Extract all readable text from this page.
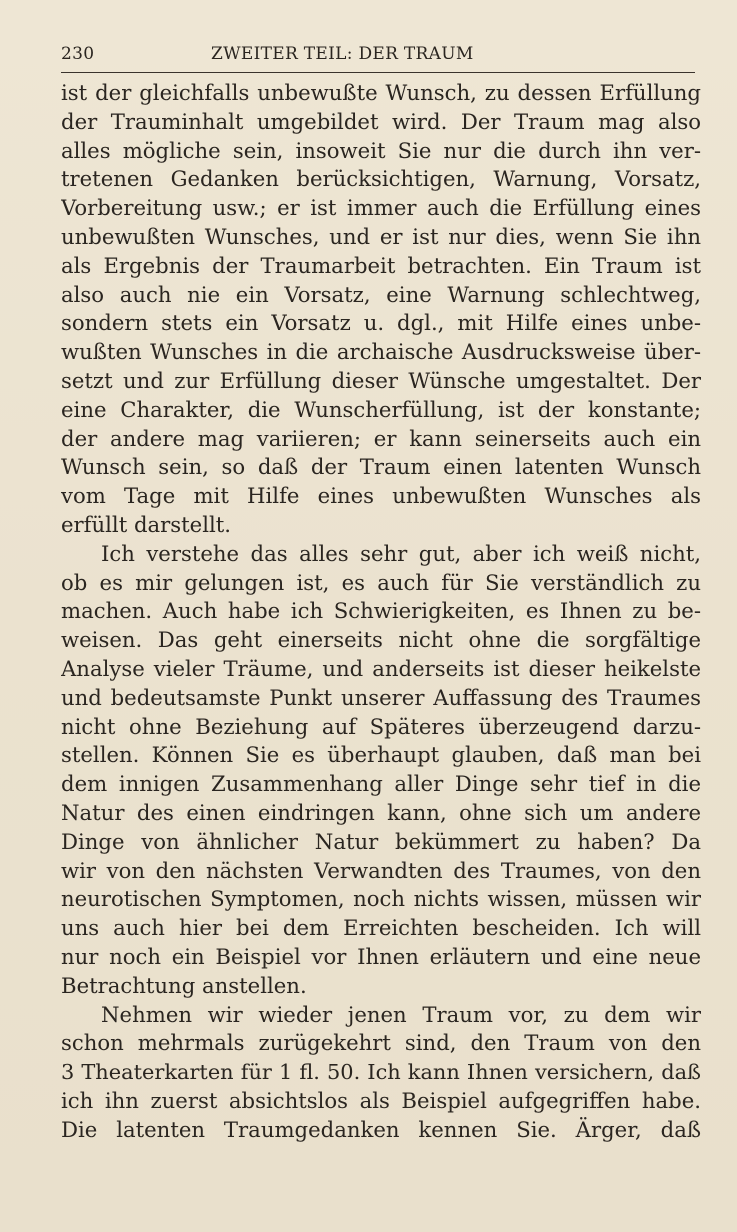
230	ZWEITER TEIL: DER TRAUM
ist der gleichfalls unbewußte Wunsch, zu dessen Erfüllung
der Trauminhalt umgebildet wird. Der Traum mag also
alles mögliche sein, insoweit Sie nur die durch ihn ver-
tretenen Gedanken berücksichtigen, Warnung, Vorsatz,
Vorbereitung usw.; er ist immer auch die Erfüllung eines
unbewußten Wunsches, und er ist nur dies, wenn Sie ihn
als Ergebnis der Traumarbeit betrachten. Ein Traum ist
also auch nie ein Vorsatz, eine Warnung schlechtweg,
sondern stets ein Vorsatz u. dgl., mit Hilfe eines unbe-
wußten Wunsches in die archaische Ausdrucksweise über-
setzt und zur Erfüllung dieser Wünsche umgestaltet. Der
eine Charakter, die Wunscherfüllung, ist der konstante;
der andere mag variieren; er kann seinerseits auch ein
Wunsch sein, so daß der Traum einen latenten Wunsch
vom Tage mit Hilfe eines unbewußten Wunsches als
erfüllt darstellt.
Ich verstehe das alles sehr gut, aber ich weiß nicht,
ob es mir gelungen ist, es auch für Sie verständlich zu
machen. Auch habe ich Schwierigkeiten, es Ihnen zu be-
weisen. Das geht einerseits nicht ohne die sorgfältige
Analyse vieler Träume, und anderseits ist dieser heikelste
und bedeutsamste Punkt unserer Auffassung des Traumes
nicht ohne Beziehung auf Späteres überzeugend darzu-
stellen. Können Sie es überhaupt glauben, daß man bei
dem innigen Zusammenhang aller Dinge sehr tief in die
Natur des einen eindringen kann, ohne sich um andere
Dinge von ähnlicher Natur bekümmert zu haben? Da
wir von den nächsten Verwandten des Traumes, von den
neurotischen Symptomen, noch nichts wissen, müssen wir
uns auch hier bei dem Erreichten bescheiden. Ich will
nur noch ein Beispiel vor Ihnen erläutern und eine neue
Betrachtung anstellen.
Nehmen wir wieder jenen Traum vor, zu dem wir
schon mehrmals zurügekehrt sind, den Traum von den
3 Theaterkarten für 1 fl. 50. Ich kann Ihnen versichern, daß
ich ihn zuerst absichtslos als Beispiel aufgegriffen habe.
Die latenten Traumgedanken kennen Sie. Ärger, daß
